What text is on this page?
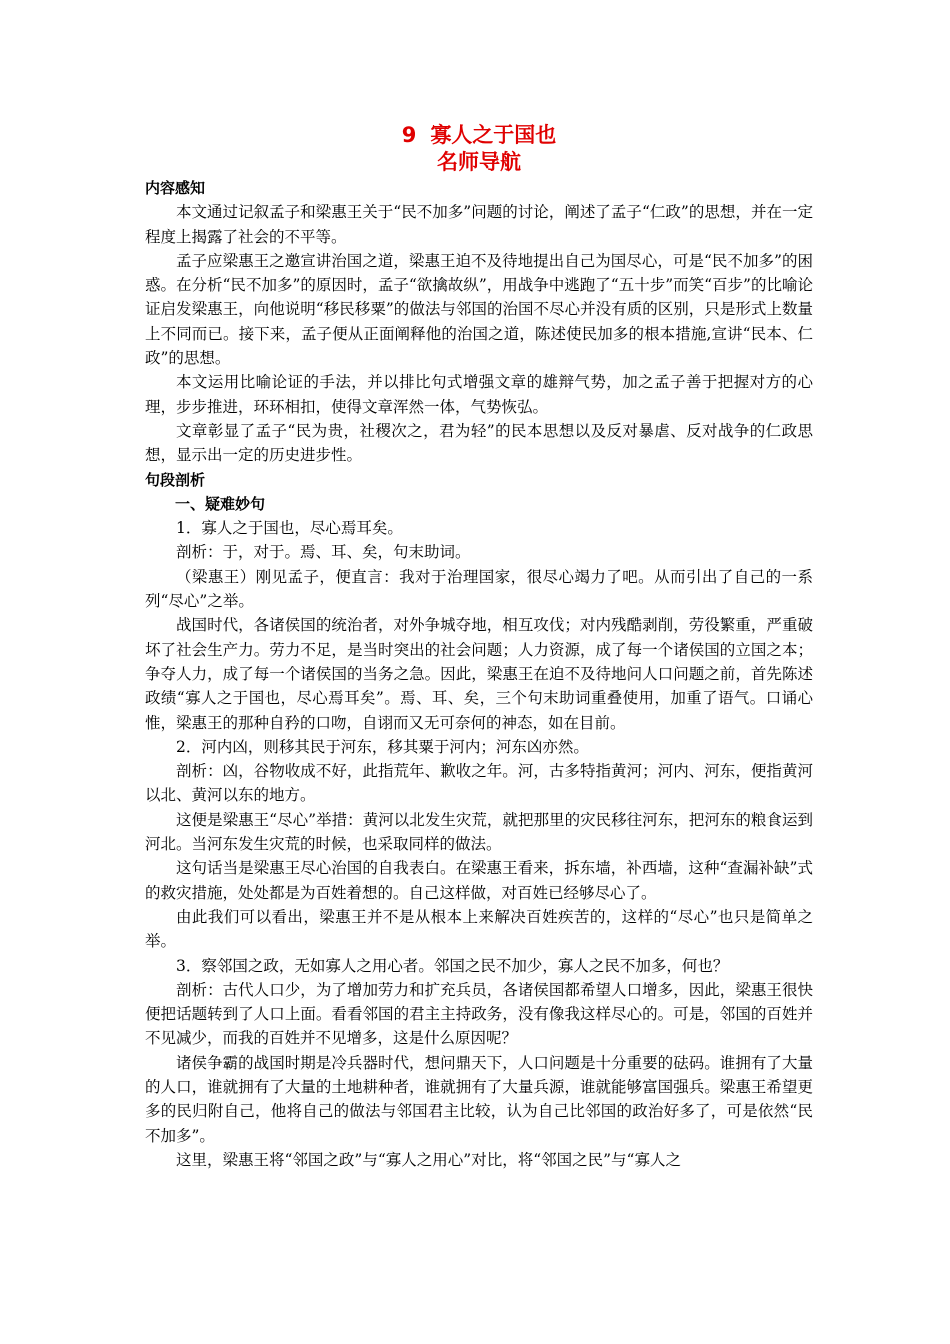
9 寡人之于国也
名师导航
内容感知

本文通过记叙孟子和梁惠王关于“民不加多”问题的讨论，阐述了孟子“仁政”的思想，并在一定程度上揭露了社会的不平等。

孟子应梁惠王之邀宣讲治国之道，梁惠王迫不及待地提出自己为国尽心，可是“民不加多”的困惑。在分析“民不加多”的原因时，孟子“欲擒故纵”，用战争中逃跑了“五十步”而笑“百步”的比喻论证启发梁惠王，向他说明“移民移粟”的做法与邻国的治国不尽心并没有质的区别，只是形式上数量上不同而已。接下来，孟子便从正面阐释他的治国之道，陈述使民加多的根本措施,宣讲“民本、仁政”的思想。

本文运用比喻论证的手法，并以排比句式增强文章的雄辩气势，加之孟子善于把握对方的心理，步步推进，环环相扣，使得文章浑然一体，气势恢弘。

文章彰显了孟子“民为贵，社稷次之，君为轻”的民本思想以及反对暴虐、反对战争的仁政思想，显示出一定的历史进步性。

句段剖析
一、疑难妙句

1．寡人之于国也，尽心焉耳矣。

剖析：于，对于。焉、耳、矣，句末助词。

（梁惠王）刚见孟子，便直言：我对于治理国家，很尽心竭力了吧。从而引出了自己的一系列“尽心”之举。

战国时代，各诸侯国的统治者，对外争城夺地，相互攻伐；对内残酷剥削，劳役繁重，严重破坏了社会生产力。劳力不足，是当时突出的社会问题；人力资源，成了每一个诸侯国的立国之本；争夺人力，成了每一个诸侯国的当务之急。因此，梁惠王在迫不及待地问人口问题之前，首先陈述政绩“寡人之于国也，尽心焉耳矣”。焉、耳、矣，三个句末助词重叠使用，加重了语气。口诵心惟，梁惠王的那种自矜的口吻，自诩而又无可奈何的神态，如在目前。

2．河内凶，则移其民于河东，移其粟于河内；河东凶亦然。

剖析：凶，谷物收成不好，此指荒年、歉收之年。河，古多特指黄河；河内、河东，便指黄河以北、黄河以东的地方。

这便是梁惠王“尽心”举措：黄河以北发生灾荒，就把那里的灾民移往河东，把河东的粮食运到河北。当河东发生灾荒的时候，也采取同样的做法。

这句话当是梁惠王尽心治国的自我表白。在梁惠王看来，拆东墙，补西墙，这种“查漏补缺”式的救灾措施，处处都是为百姓着想的。自己这样做，对百姓已经够尽心了。

由此我们可以看出，梁惠王并不是从根本上来解决百姓疾苦的，这样的“尽心”也只是简单之举。

3．察邻国之政，无如寡人之用心者。邻国之民不加少，寡人之民不加多，何也？

剖析：古代人口少，为了增加劳力和扩充兵员，各诸侯国都希望人口增多，因此，梁惠王很快便把话题转到了人口上面。看看邻国的君主主持政务，没有像我这样尽心的。可是，邻国的百姓并不见减少，而我的百姓并不见增多，这是什么原因呢？

诸侯争霸的战国时期是冷兵器时代，想问鼎天下，人口问题是十分重要的砝码。谁拥有了大量的人口，谁就拥有了大量的土地耕种者，谁就拥有了大量兵源，谁就能够富国强兵。梁惠王希望更多的民归附自己，他将自己的做法与邻国君主比较，认为自己比邻国的政治好多了，可是依然“民不加多”。

这里，梁惠王将“邻国之政”与“寡人之用心”对比，将“邻国之民”与“寡人之
